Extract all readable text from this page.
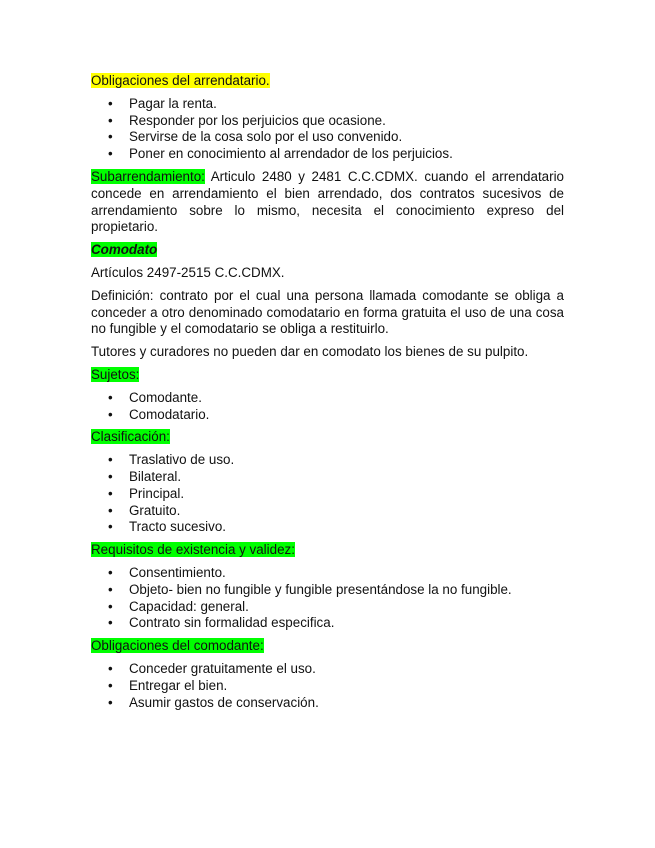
Obligaciones del arrendatario.
• Pagar la renta.
• Responder por los perjuicios que ocasione.
• Servirse de la cosa solo por el uso convenido.
• Poner en conocimiento al arrendador de los perjuicios.

Subarrendamiento: Articulo 2480 y 2481 C.C.CDMX. cuando el arrendatario concede en arrendamiento el bien arrendado, dos contratos sucesivos de arrendamiento sobre lo mismo, necesita el conocimiento expreso del propietario.

Comodato

Artículos 2497-2515 C.C.CDMX.

Definición: contrato por el cual una persona llamada comodante se obliga a conceder a otro denominado comodatario en forma gratuita el uso de una cosa no fungible y el comodatario se obliga a restituirlo.

Tutores y curadores no pueden dar en comodato los bienes de su pulpito.

Sujetos:
• Comodante.
• Comodatario.
Clasificación:
• Traslativo de uso.
• Bilateral.
• Principal.
• Gratuito.
• Tracto sucesivo.
Requisitos de existencia y validez:
• Consentimiento.
• Objeto- bien no fungible y fungible presentándose la no fungible.
• Capacidad: general.
• Contrato sin formalidad especifica.
Obligaciones del comodante:
• Conceder gratuitamente el uso.
• Entregar el bien.
• Asumir gastos de conservación.
